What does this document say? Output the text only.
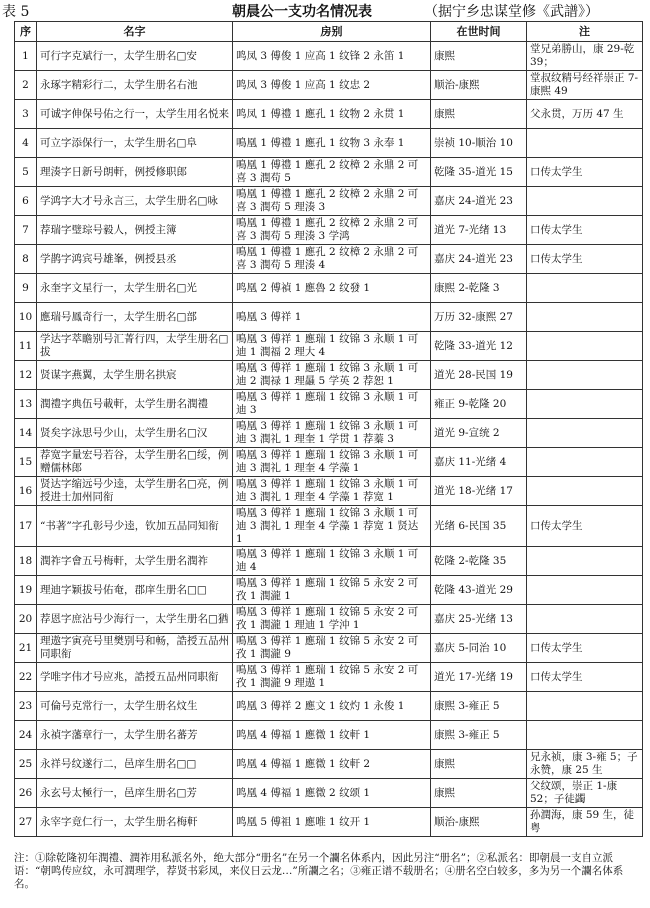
表 5	朝晨公一支功名情况表	（据宁乡忠谋堂修《武譜》）
序	名字	房别	在世时间	注

1	可行字克斌行一，太学生册名□安	鸣凤 3 傅俊 1 应高 1 纹锋 2 永笛 1	康熙	堂兄弟勝山，康 29-乾 39；

2	永琢字精彩行二，太学生册名右池	鸣凤 3 傅俊 1 应高 1 纹忠 2	顺治-康熙	堂叔纹精号经祥崇正 7-康熙 49

3	可诚字伸保号佑之行一，太学生用名悦来	鸣凤 1 傅禮 1 應孔 1 纹物 2 永贯 1	康熙	父永贯，万历 47 生

4	可立字添保行一，太学生册名□阜	鳴凰 1 傅禮 1 應孔 1 纹物 3 永奉 1	崇祯 10-顺治 10	

5	理湊字日新号朗軒，例授修职郎	鳴凰 1 傅禮 1 應孔 2 纹樟 2 永鼎 2 可喜 3 潤苟 5	乾隆 35-道光 15	口传太学生

6	学鸿字大才号永言三，太学生册名□咏	鳴凰 1 傅禮 1 應孔 2 纹樟 2 永鼎 2 可喜 3 潤苟 5 理湊 3	嘉庆 24-道光 23	

7	荐瑞字璧琮号毅人，例授主簿	鳴凰 1 傅禮 1 應孔 2 纹樟 2 永鼎 2 可喜 3 潤苟 5 理湊 3 学鸿	道光 7-光绪 13	口传太学生

8	学鹊字鸿宾号雄峯，例授县丞	鳴凰 1 傅禮 1 應孔 2 纹樟 2 永鼎 2 可喜 3 潤苟 5 理湊 4	嘉庆 24-道光 23	口传太学生

9	永奎字文星行一，太学生册名□光	鸣凰 2 傅禎 1 應魯 2 纹發 1	康熙 2-乾隆 3	

10	應瑞号鳳奇行一，太学生册名□部	鳴凰 3 傅祥 1	万历 32-康熙 27	

11	学达字萃瞻别号汇菁行四，太学生册名□拔	鳴凰 3 傅祥 1 應瑞 1 纹锦 3 永顺 1 可迪 1 潤福 2 理大 4	乾隆 33-道光 12	

12	贤谋字燕翼，太学生册名拱宸	鳴凰 3 傅祥 1 應瑞 1 纹锦 3 永顺 1 可迪 2 潤禄 1 理曧 5 学英 2 荐恕 1	道光 28-民国 19	

13	潤禮字典伍号載軒，太学生册名潤禮	鳴凰 3 傅祥 1 應瑞 1 纹锦 3 永顺 1 可迪 3	雍正 9-乾隆 20	

14	贤矣字泳思号少山，太学生册名□汉	鳴凰 3 傅祥 1 應瑞 1 纹锦 3 永顺 1 可迪 3 潤礼 1 理奎 1 学贯 1 荐蓁 3	道光 9-宣统 2	

15	荐宽字量宏号若谷，太学生册名□绥，例赠儒林郎	鳴凰 3 傅祥 1 應瑞 1 纹锦 3 永顺 1 可迪 3 潤礼 1 理奎 4 学藻 1	嘉庆 11-光绪 4	

16	贤达字缩远号少逵，太学生册名□亮，例授进士加州同衔	鳴凰 3 傅祥 1 應瑞 1 纹锦 3 永顺 1 可迪 3 潤礼 1 理奎 4 学藻 1 荐宽 1	道光 18-光绪 17	

17	“书著”字孔彰号少逵，钦加五品同知衔	鳴凰 3 傅祥 1 應瑞 1 纹锦 3 永顺 1 可迪 3 潤礼 1 理奎 4 学藻 1 荐宽 1 贤达 1	光绪 6-民国 35	口传太学生

18	潤祚字會五号梅軒，太学生册名潤祚	鳴凰 3 傅祥 1 應瑞 1 纹锦 3 永顺 1 可迪 4	乾隆 2-乾隆 35	

19	理迪字颖拔号佑奄，郡庠生册名□□	鳴凰 3 傅祥 1 應瑞 1 纹锦 5 永安 2 可孜 1 潤瀧 1	乾隆 43-道光 29	

20	荐恩字庶沾号少海行一，太学生册名□猶	鳴凰 3 傅祥 1 應瑞 1 纹锦 5 永安 2 可孜 1 潤瀧 1 理迪 1 学沖 1	嘉庆 25-光绪 13	

21	理遨字寅亮号里樊别号和畅，誥授五品州同职衔	鳴凰 3 傅祥 1 應瑞 1 纹锦 5 永安 2 可孜 1 潤瀧 9	嘉庆 5-同治 10	口传太学生

22	学唯字伟才号应兆，誥授五品州同职衔	鳴凰 3 傅祥 1 應瑞 1 纹锦 5 永安 2 可孜 1 潤瀧 9 理遨 1	道光 17-光绪 19	口传太学生

23	可倫号克常行一，太学生册名炆生	鸣凰 3 傅祥 2 應文 1 纹灼 1 永俊 1	康熙 3-雍正 5	

24	永禎字藩章行一，太学生册名蕃芳	鸣凰 4 傅福 1 應微 1 纹軒 1	康熙 3-雍正 5	

25	永祥号纹遂行二，邑庠生册名□□	鸣凰 4 傅福 1 應微 1 纹軒 2	康熙	兄永祯，康 3-雍 5；子永赞，康 25 生

26	永玄号太極行一，邑庠生册名□芳	鸣凰 4 傅福 1 應微 2 纹颂 1	康熙	父纹颂，崇正 1-康 52；子徒蠲

27	永宰字竟仁行一，太学生册名梅軒	鸣凰 5 傅祖 1 應唯 1 纹开 1	顺治-康熙	孙潤海，康 59 生，徒粤
注：①除乾隆初年潤禮、潤祚用私派名外，绝大部分“册名”在另一个讕名体系内，因此另注“册名”；②私派名：即朝晨一支自立派语：“朝鸣传应纹，永可潤理学，荐贤书彩凤，来仪日云龙…”所讕之名；③雍正谱不载册名；④册名空白较多，多为另一个讕名体系名。
